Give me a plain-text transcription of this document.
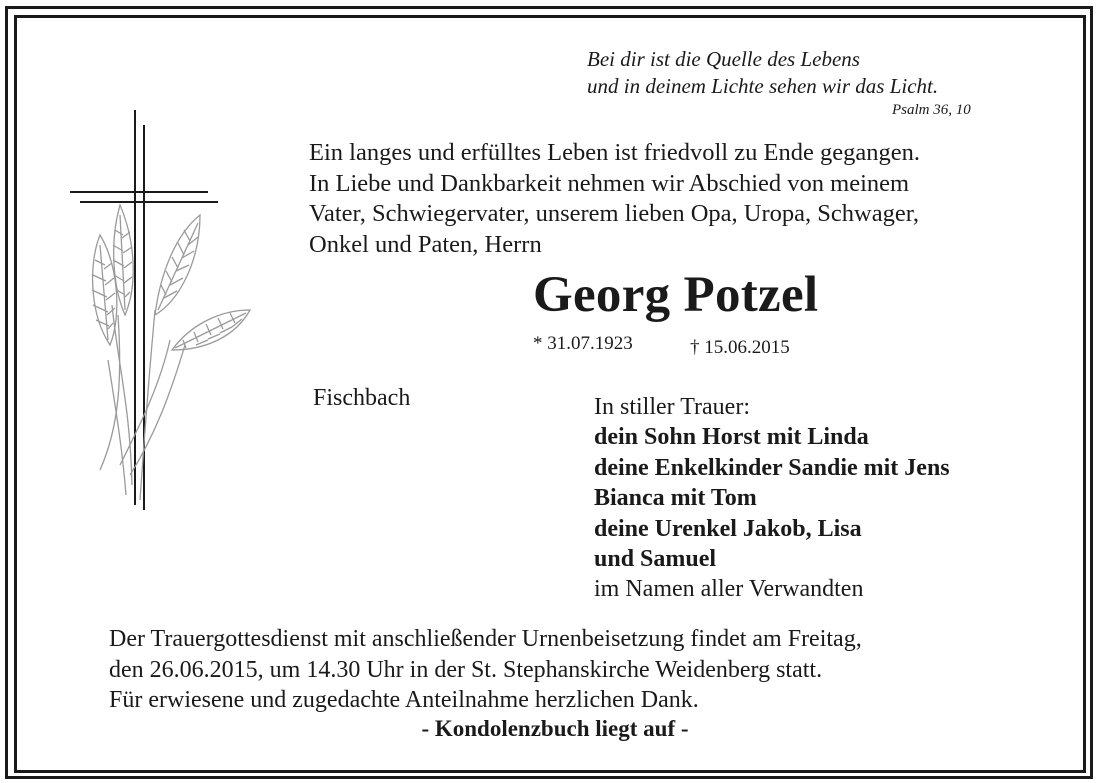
Bei dir ist die Quelle des Lebens
und in deinem Lichte sehen wir das Licht.
Psalm 36, 10
Ein langes und erfülltes Leben ist friedvoll zu Ende gegangen.
In Liebe und Dankbarkeit nehmen wir Abschied von meinem
Vater, Schwiegervater, unserem lieben Opa, Uropa, Schwager,
Onkel und Paten, Herrn
Georg Potzel
* 31.07.1923	† 15.06.2015
Fischbach	In stiller Trauer:
dein Sohn Horst mit Linda
deine Enkelkinder Sandie mit Jens
Bianca mit Tom
deine Urenkel Jakob, Lisa
und Samuel
im Namen aller Verwandten
Der Trauergottesdienst mit anschließender Urnenbeisetzung findet am Freitag,
den 26.06.2015, um 14.30 Uhr in der St. Stephanskirche Weidenberg statt.
Für erwiesene und zugedachte Anteilnahme herzlichen Dank.
- Kondolenzbuch liegt auf -
